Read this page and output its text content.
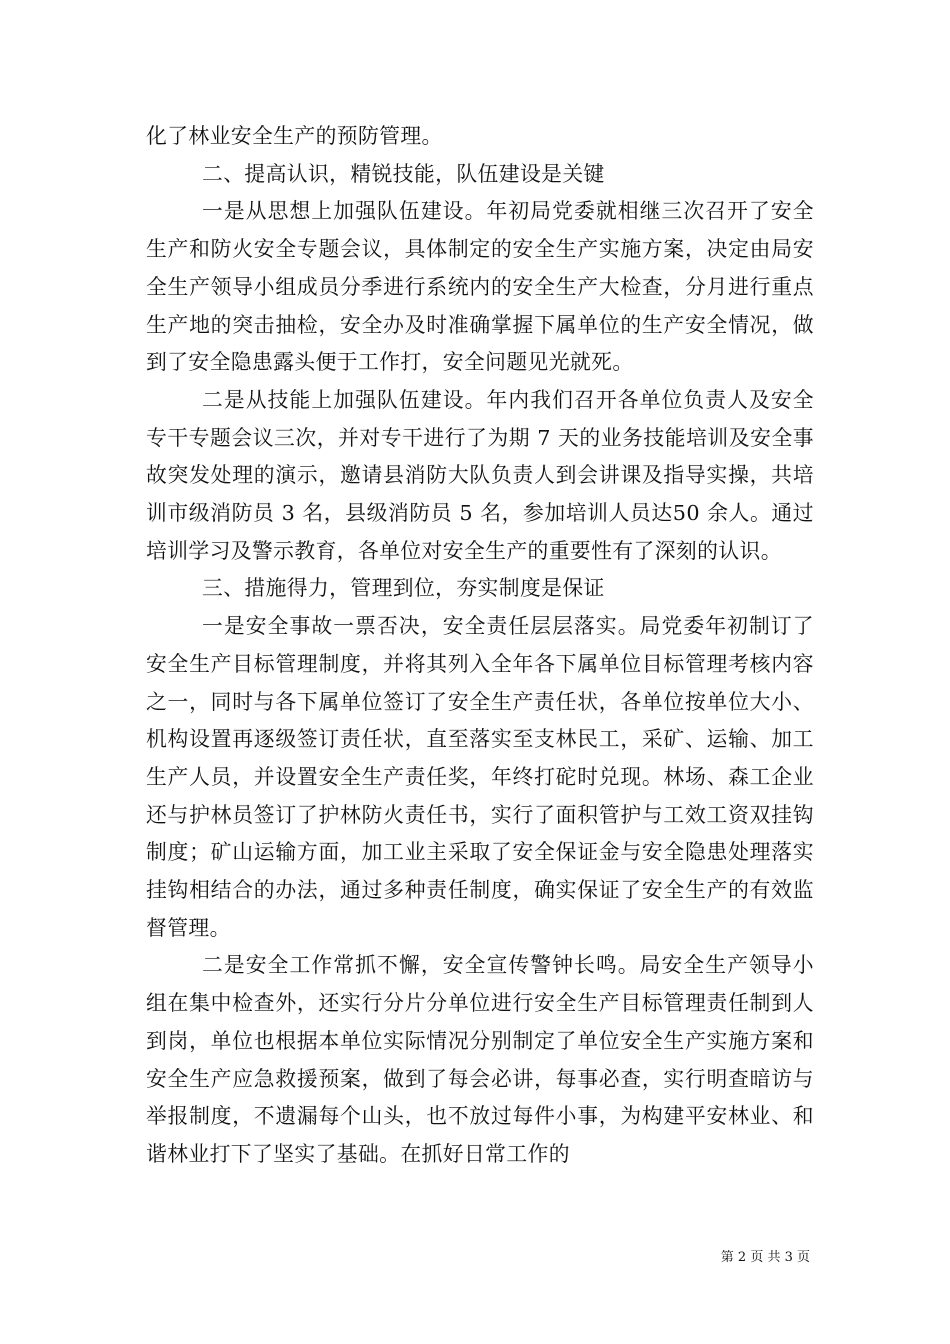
化了林业安全生产的预防管理。

二、提高认识，精锐技能，队伍建设是关键

一是从思想上加强队伍建设。年初局党委就相继三次召开了安全生产和防火安全专题会议，具体制定的安全生产实施方案，决定由局安全生产领导小组成员分季进行系统内的安全生产大检查，分月进行重点生产地的突击抽检，安全办及时准确掌握下属单位的生产安全情况，做到了安全隐患露头便于工作打，安全问题见光就死。

二是从技能上加强队伍建设。年内我们召开各单位负责人及安全专干专题会议三次，并对专干进行了为期 7 天的业务技能培训及安全事故突发处理的演示，邀请县消防大队负责人到会讲课及指导实操，共培训市级消防员 3 名，县级消防员 5 名，参加培训人员达50 余人。通过培训学习及警示教育，各单位对安全生产的重要性有了深刻的认识。

三、措施得力，管理到位，夯实制度是保证

一是安全事故一票否决，安全责任层层落实。局党委年初制订了安全生产目标管理制度，并将其列入全年各下属单位目标管理考核内容之一，同时与各下属单位签订了安全生产责任状，各单位按单位大小、机构设置再逐级签订责任状，直至落实至支林民工，采矿、运输、加工生产人员，并设置安全生产责任奖，年终打砣时兑现。林场、森工企业还与护林员签订了护林防火责任书，实行了面积管护与工效工资双挂钩制度；矿山运输方面，加工业主采取了安全保证金与安全隐患处理落实挂钩相结合的办法，通过多种责任制度，确实保证了安全生产的有效监督管理。

二是安全工作常抓不懈，安全宣传警钟长鸣。局安全生产领导小组在集中检查外，还实行分片分单位进行安全生产目标管理责任制到人到岗，单位也根据本单位实际情况分别制定了单位安全生产实施方案和安全生产应急救援预案，做到了每会必讲，每事必查，实行明查暗访与举报制度，不遗漏每个山头，也不放过每件小事，为构建平安林业、和谐林业打下了坚实了基础。在抓好日常工作的

第 2 页 共 3 页
